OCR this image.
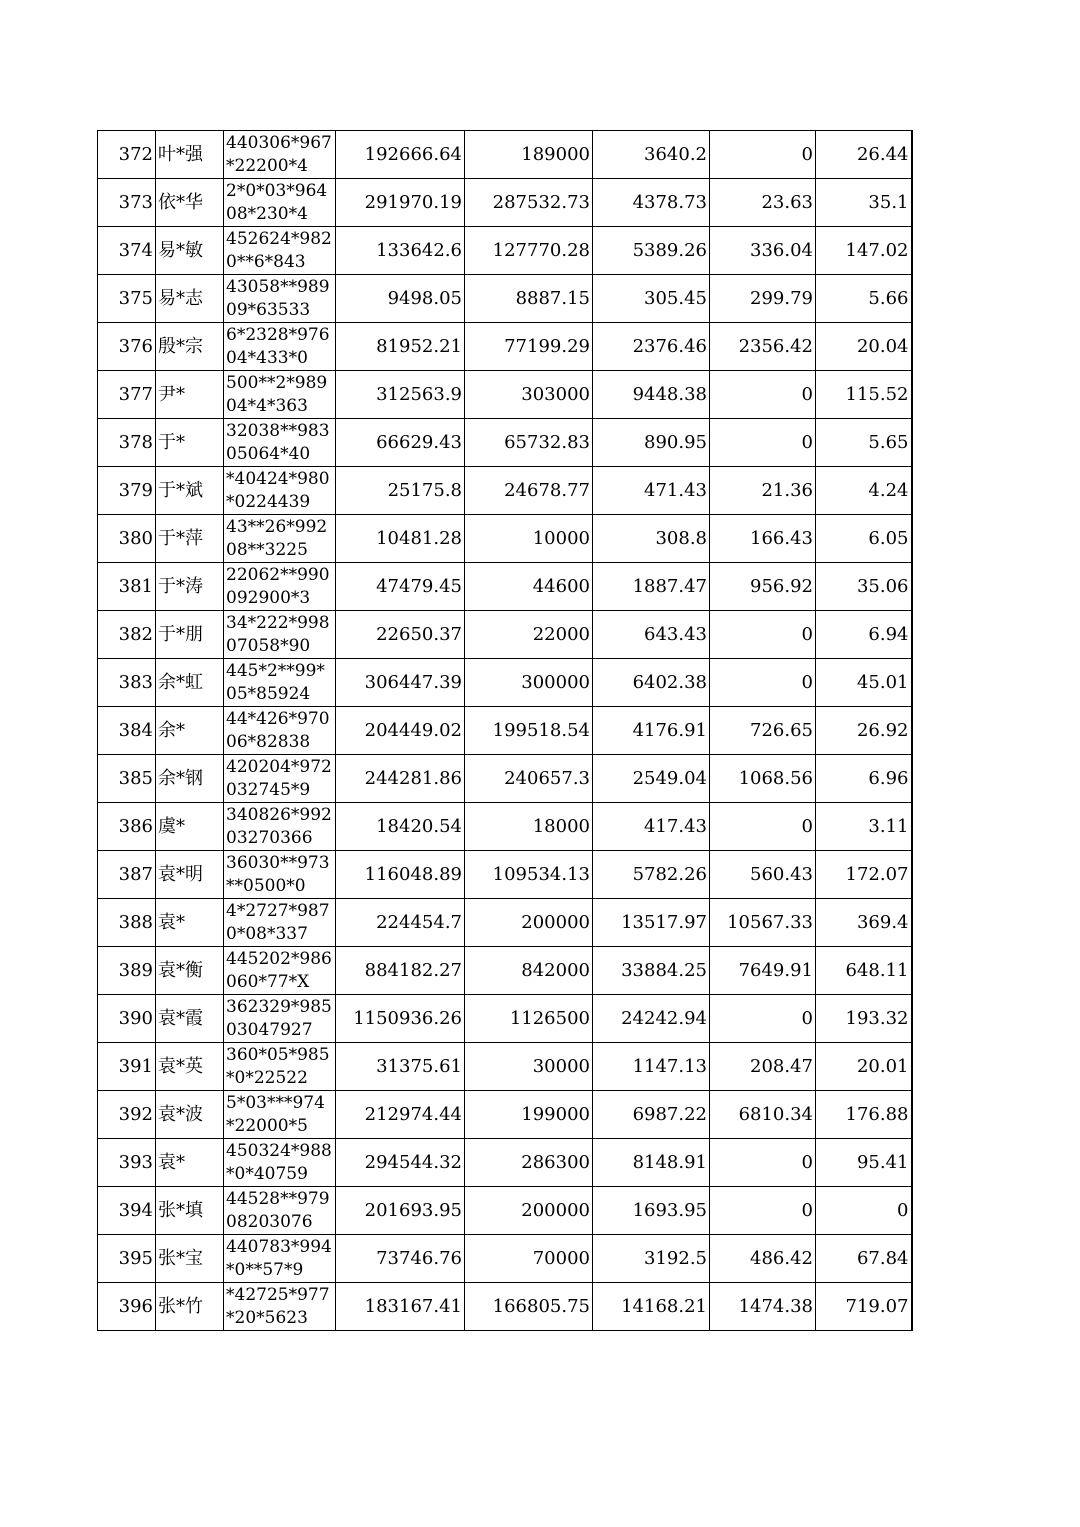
372	叶*强	440306*967*22200*4	192666.64	189000	3640.2	0	26.44
373	依*华	2*0*03*96408*230*4	291970.19	287532.73	4378.73	23.63	35.1
374	易*敏	452624*9820**6*843	133642.6	127770.28	5389.26	336.04	147.02
375	易*志	43058**98909*63533	9498.05	8887.15	305.45	299.79	5.66
376	殷*宗	6*2328*97604*433*0	81952.21	77199.29	2376.46	2356.42	20.04
377	尹*	500**2*98904*4*363	312563.9	303000	9448.38	0	115.52
378	于*	32038**98305064*40	66629.43	65732.83	890.95	0	5.65
379	于*斌	*40424*980*0224439	25175.8	24678.77	471.43	21.36	4.24
380	于*萍	43**26*99208**3225	10481.28	10000	308.8	166.43	6.05
381	于*涛	22062**990092900*3	47479.45	44600	1887.47	956.92	35.06
382	于*朋	34*222*99807058*90	22650.37	22000	643.43	0	6.94
383	余*虹	445*2**99*05*85924	306447.39	300000	6402.38	0	45.01
384	余*	44*426*97006*82838	204449.02	199518.54	4176.91	726.65	26.92
385	余*钢	420204*972032745*9	244281.86	240657.3	2549.04	1068.56	6.96
386	虞*	340826*99203270366	18420.54	18000	417.43	0	3.11
387	袁*明	36030**973**0500*0	116048.89	109534.13	5782.26	560.43	172.07
388	袁*	4*2727*9870*08*337	224454.7	200000	13517.97	10567.33	369.4
389	袁*衡	445202*986060*77*X	884182.27	842000	33884.25	7649.91	648.11
390	袁*霞	362329*98503047927	1150936.26	1126500	24242.94	0	193.32
391	袁*英	360*05*985*0*22522	31375.61	30000	1147.13	208.47	20.01
392	袁*波	5*03***974*22000*5	212974.44	199000	6987.22	6810.34	176.88
393	袁*	450324*988*0*40759	294544.32	286300	8148.91	0	95.41
394	张*填	44528**97908203076	201693.95	200000	1693.95	0	0
395	张*宝	440783*994*0**57*9	73746.76	70000	3192.5	486.42	67.84
396	张*竹	*42725*977*20*5623	183167.41	166805.75	14168.21	1474.38	719.07
